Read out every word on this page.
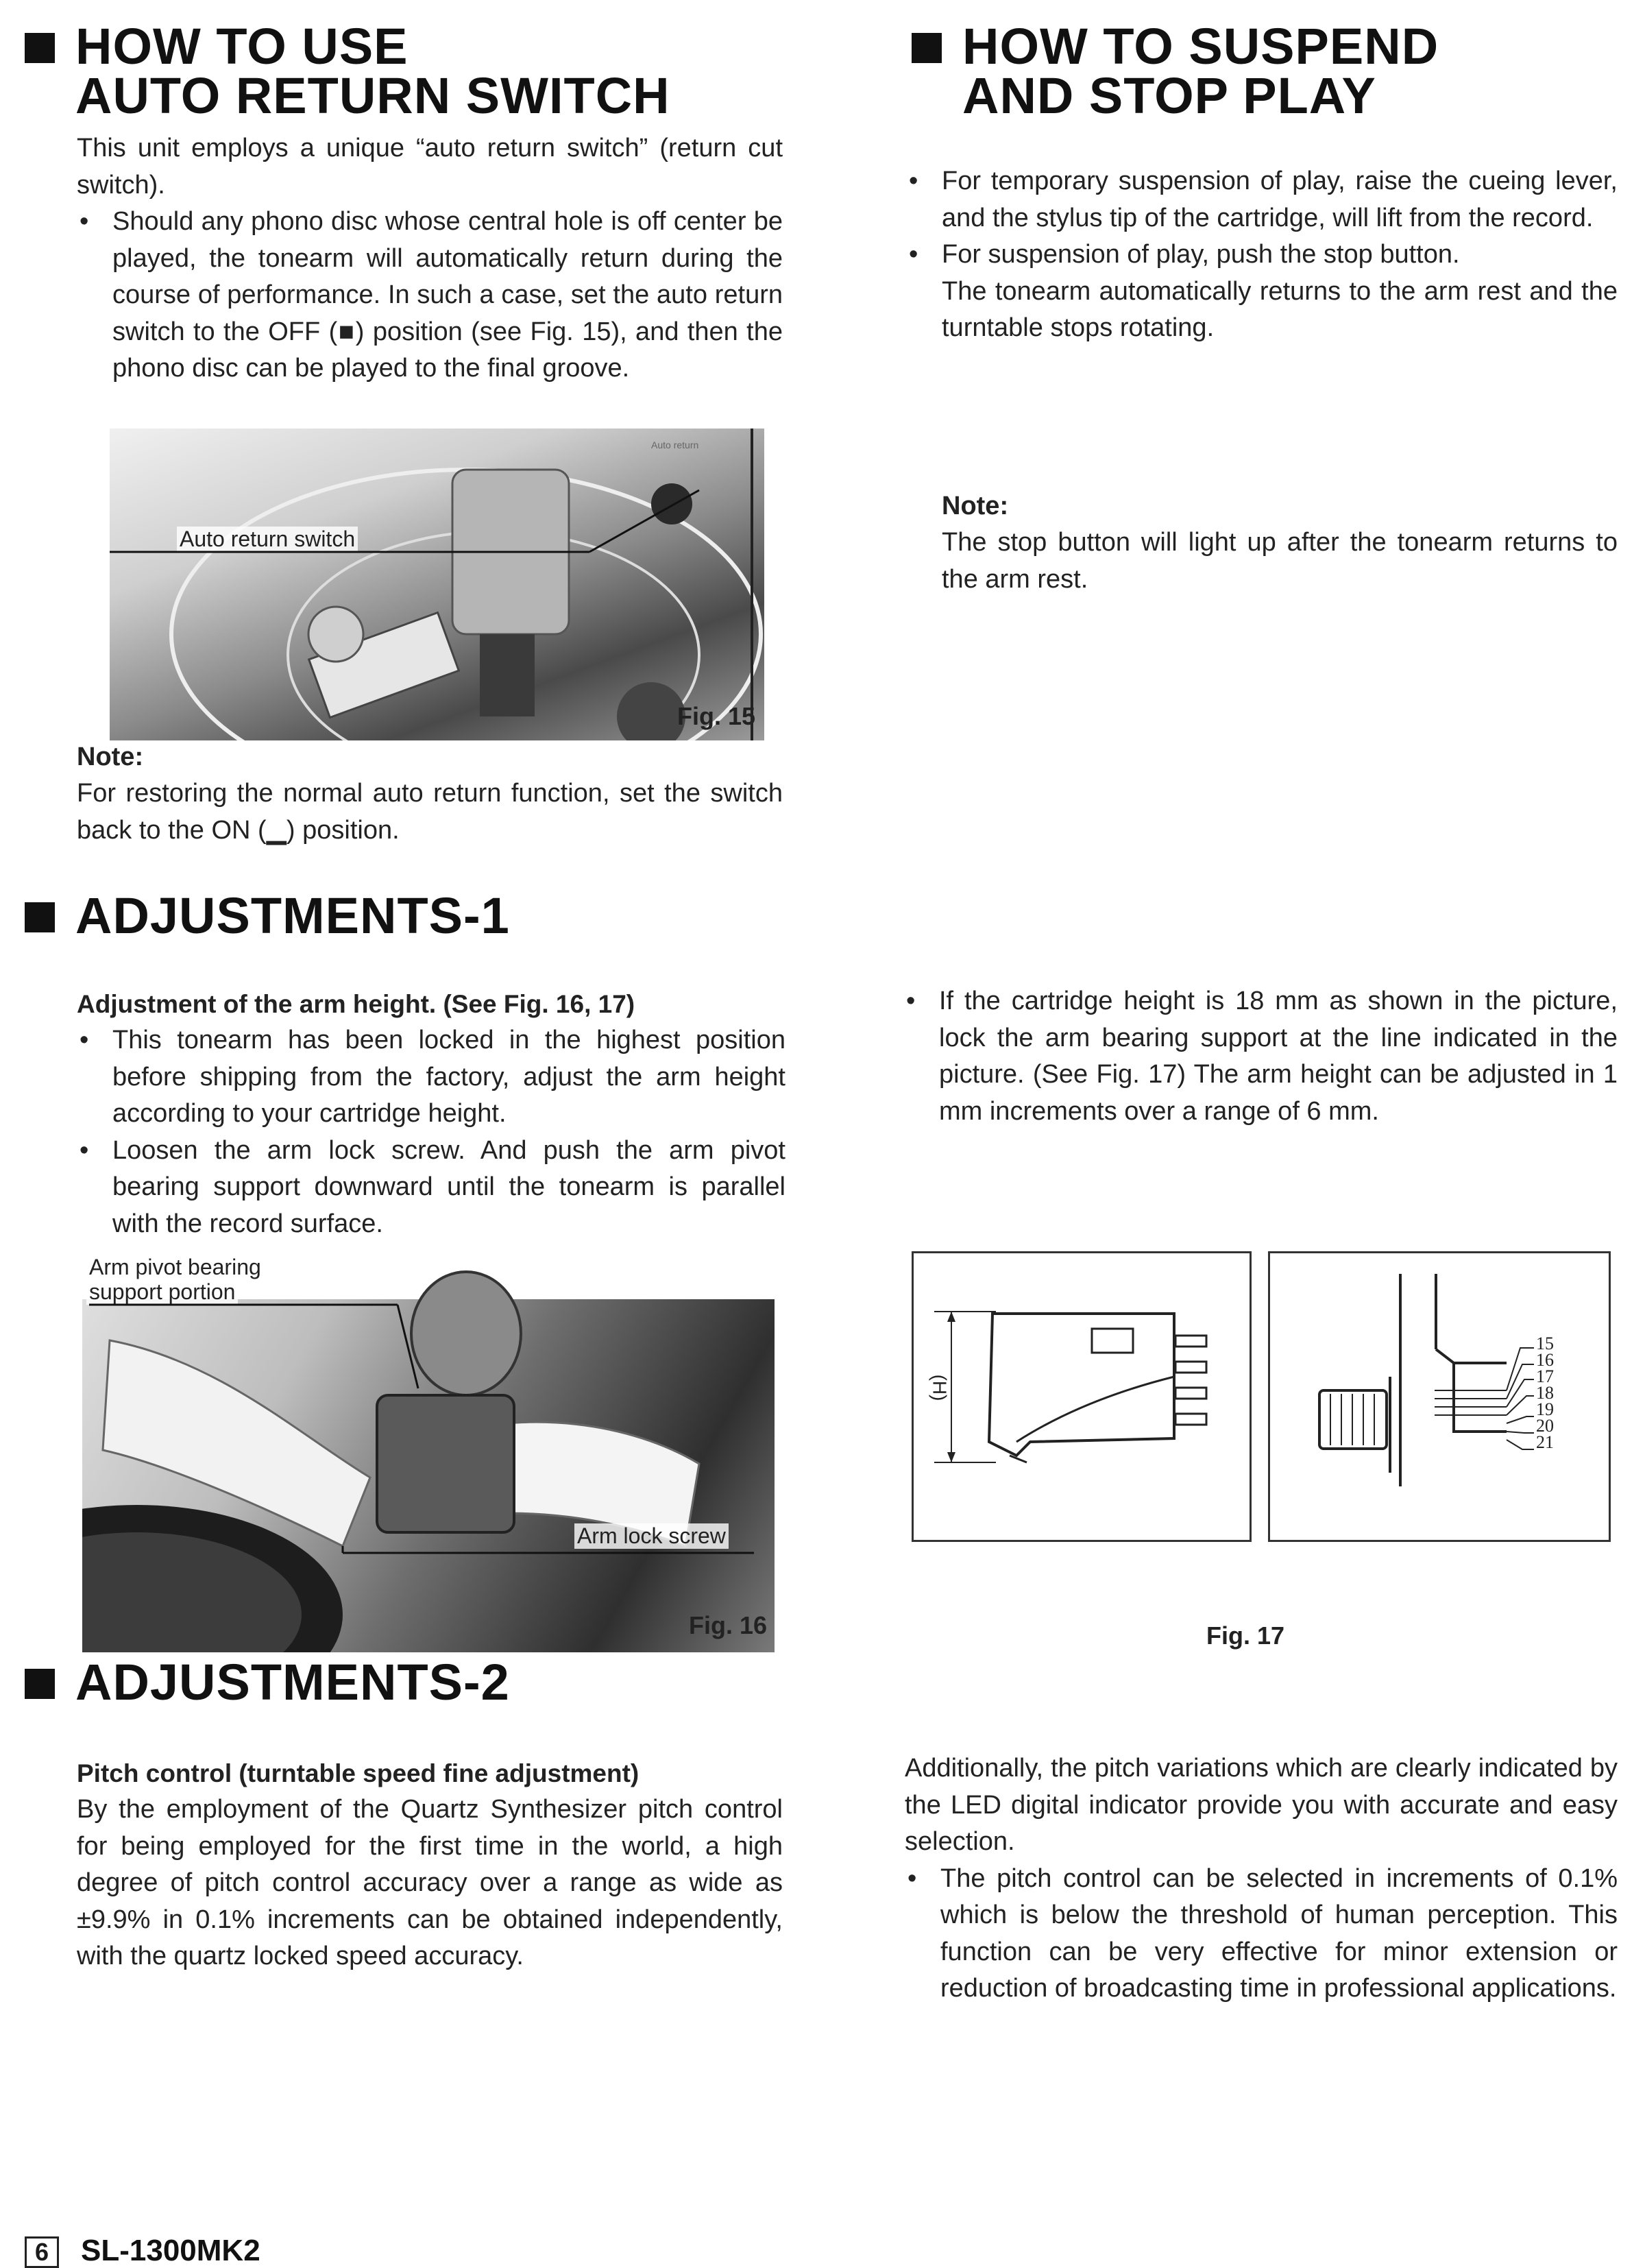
HOW TO USE
AUTO RETURN SWITCH

This unit employs a unique “auto return switch” (return cut switch).

• Should any phono disc whose central hole is off center be played, the tonearm will automatically return during the course of performance. In such a case, set the auto return switch to the OFF (■) position (see Fig. 15), and then the phono disc can be played to the final groove.

Auto return
Auto return switch
Fig. 15

Note:

For restoring the normal auto return function, set the switch back to the ON (▁) position.

HOW TO SUSPEND
AND STOP PLAY

• For temporary suspension of play, raise the cueing lever, and the stylus tip of the cartridge, will lift from the record.

• For suspension of play, push the stop button.

The tonearm automatically returns to the arm rest and the turntable stops rotating.

Note:

The stop button will light up after the tonearm returns to the arm rest.

ADJUSTMENTS-1

Adjustment of the arm height. (See Fig. 16, 17)

• This tonearm has been locked in the highest position before shipping from the factory, adjust the arm height according to your cartridge height.

• Loosen the arm lock screw. And push the arm pivot bearing support downward until the tonearm is parallel with the record surface.

Arm pivot bearing
support portion
Arm lock screw
Fig. 16

• If the cartridge height is 18 mm as shown in the picture, lock the arm bearing support at the line indicated in the picture. (See Fig. 17) The arm height can be adjusted in 1 mm increments over a range of 6 mm.

(H)
15
16
17
18
19
20
21
Fig. 17
ADJUSTMENTS-2

Pitch control (turntable speed fine adjustment)

By the employment of the Quartz Synthesizer pitch control for being employed for the first time in the world, a high degree of pitch control accuracy over a range as wide as ±9.9% in 0.1% increments can be obtained independently, with the quartz locked speed accuracy.

Additionally, the pitch variations which are clearly indicated by the LED digital indicator provide you with accurate and easy selection.

• The pitch control can be selected in increments of 0.1% which is below the threshold of human perception. This function can be very effective for minor extension or reduction of broadcasting time in professional applications.

6	SL-1300MK2
